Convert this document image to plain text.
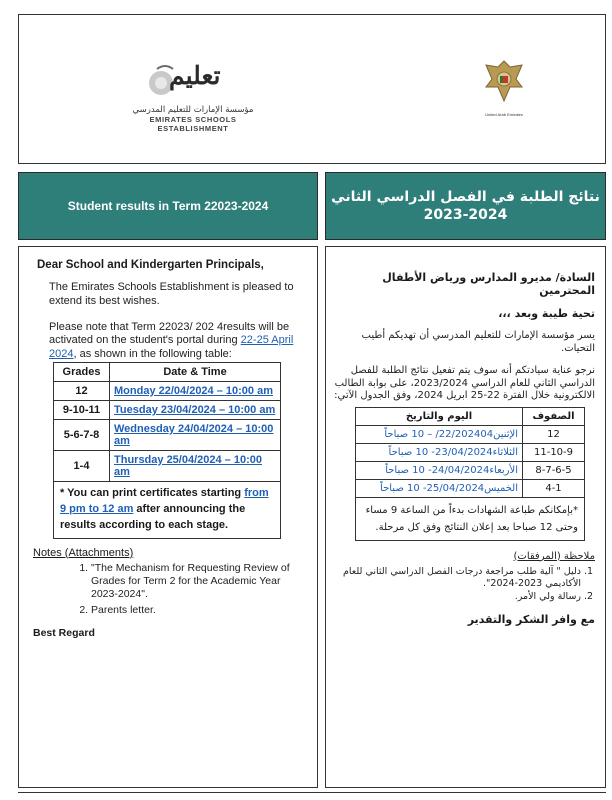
تعليم
مؤسسة الإمارات للتعليم المدرسي
EMIRATES SCHOOLS ESTABLISHMENT
United Arab Emirates
Student results in Term 22023-2024
نتائج الطلبة في الفصل الدراسي الثاني
2023-2024
Dear School and Kindergarten Principals,

The Emirates Schools Establishment is pleased to extend its best wishes.

Please note that Term 22023/ 202 4results will be activated on the student's portal during 22-25 April 2024, as shown in the following table:

Grades	Date & Time
12	Monday 22/04/2024 – 10:00 am
9-10-11	Tuesday 23/04/2024 – 10:00 am
5-6-7-8	Wednesday 24/04/2024 – 10:00 am
1-4	Thursday 25/04/2024 – 10:00 am
* You can print certificates starting from 9 pm to 12 am after announcing the results according to each stage.
Notes (Attachments)
1. "The Mechanism for Requesting Review of Grades for Term 2 for the Academic Year 2023-2024".
2. Parents letter.
Best Regard
السادة/ مديرو المدارس ورياض الأطفال المحترمين
تحية طيبة وبعد ،،،

يسر مؤسسة الإمارات للتعليم المدرسي أن تهديكم أطيب التحيات.

نرجو عناية سيادتكم أنه سوف يتم تفعيل نتائج الطلبة للفصل الدراسي الثاني للعام الدراسي 2023/2024، على بوابة الطالب الالكترونية خلال الفترة 22-25 ابريل 2024، وفق الجدول الآتي:

الصفوف	اليوم والتاريخ
12	الإثنين22/202404/ – 10 صباحاً
11-10-9	الثلاثاء23/04/2024- 10 صباحاً
8-7-6-5	الأربعاء24/04/2024- 10 صباحاً
4-1	الخميس25/04/2024- 10 صباحاً
*بإمكانكم طباعة الشهادات بدءاً من الساعة 9 مساء وحتى 12 صباحا بعد إعلان النتائج وفق كل مرحلة.
ملاحظة (المرفقات)
1. دليل " آلية طلب مراجعة درجات الفصل الدراسي الثاني للعام الأكاديمي 2023-2024".
2. رسالة ولي الأمر.
مع وافر الشكر والتقدير
